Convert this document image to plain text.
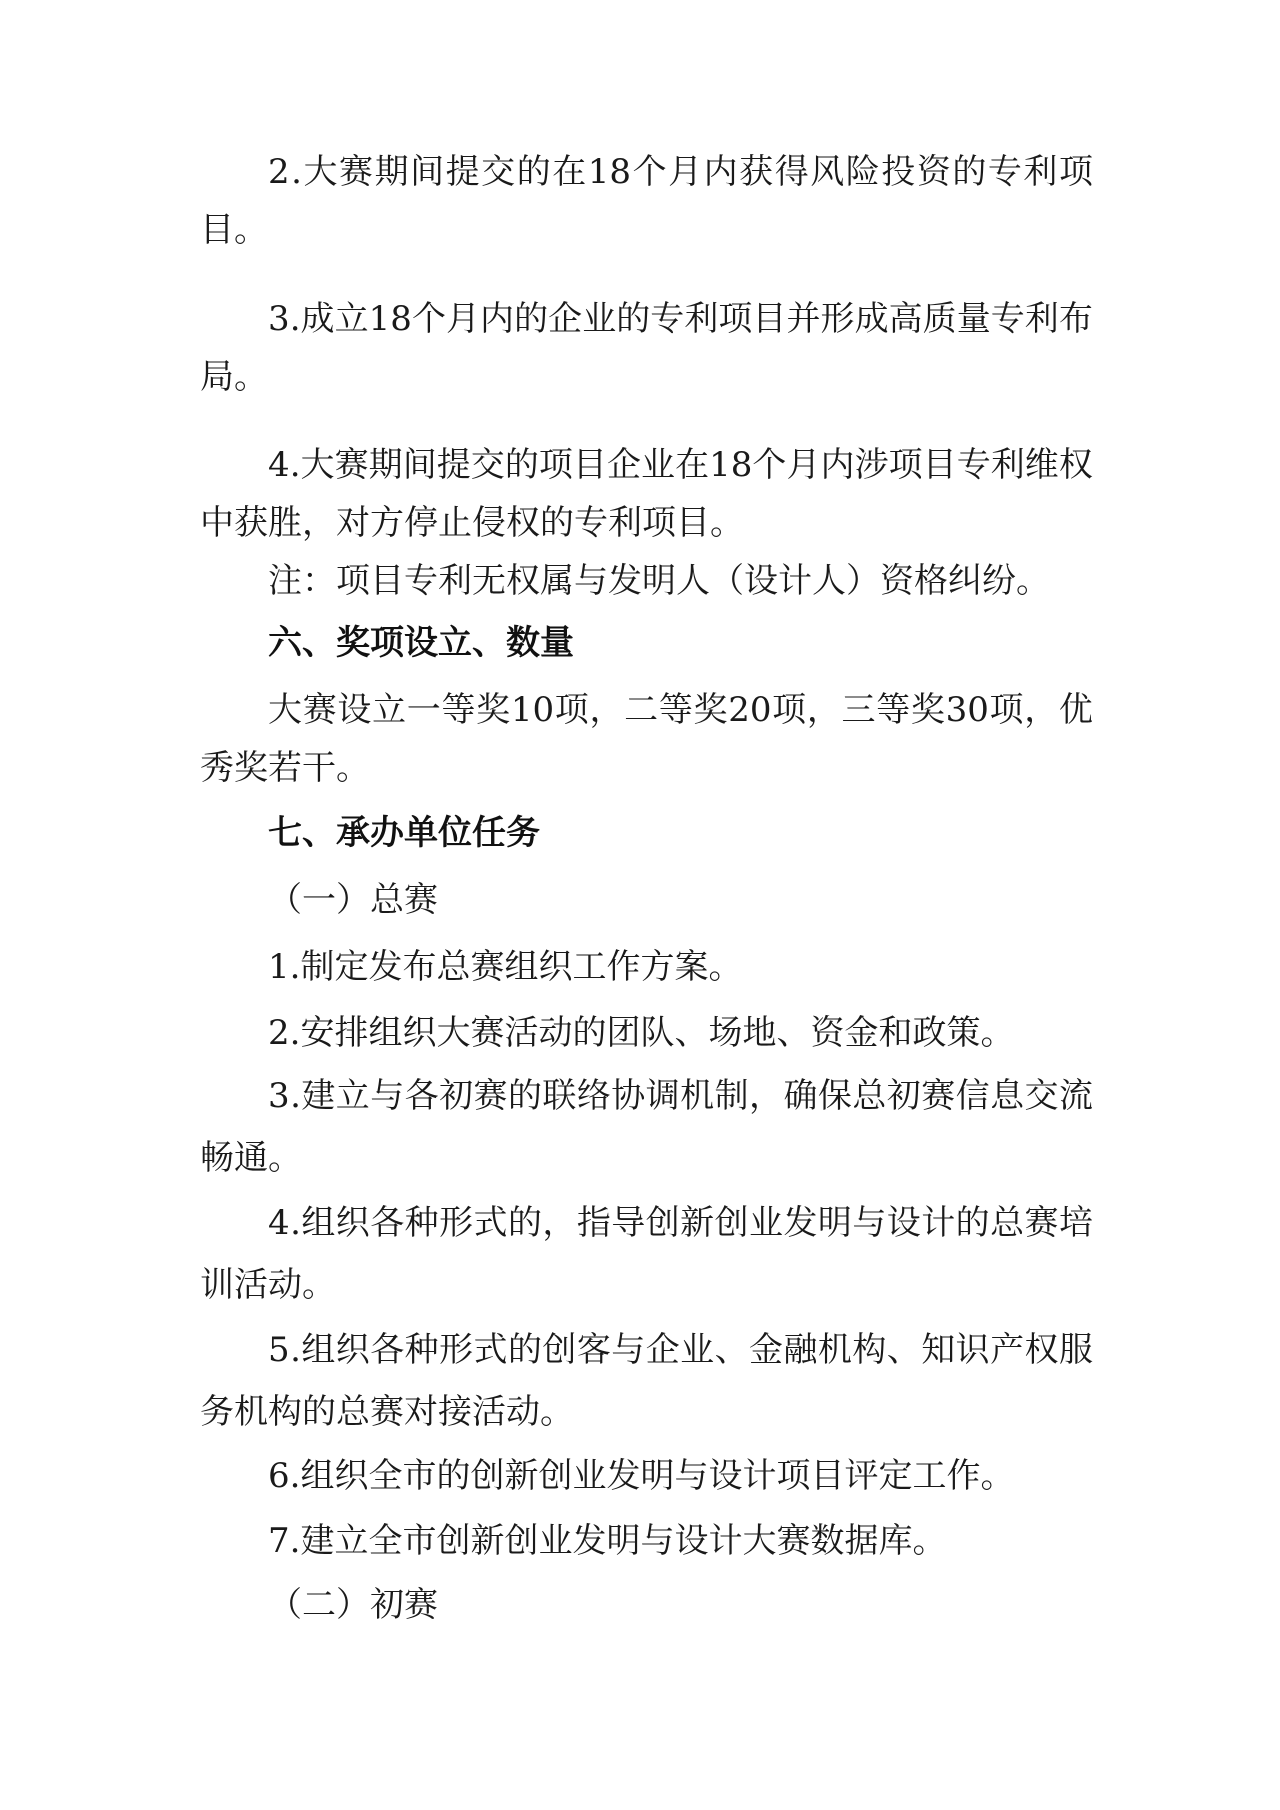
2 . 大 赛 期 间 提 交 的 在 18 个 月 内 获 得 风 险 投 资 的 专 利 项
目。
3 . 成 立 18 个 月 内 的 企 业 的 专 利 项 目 并 形 成 高 质 量 专 利 布
局。
4 . 大 赛 期 间 提 交 的 项 目 企 业 在 18 个 月 内 涉 项 目 专 利 维 权
中获胜，对方停止侵权的专利项目。
注：项目专利无权属与发明人（设计人）资格纠纷。
六、奖项设立、数量
大 赛 设 立 一 等 奖 10 项 ， 二 等 奖 20 项 ， 三 等 奖 30 项 ， 优
秀奖若干。
七、承办单位任务
（一）总赛
1.制定发布总赛组织工作方案。
2.安排组织大赛活动的团队、场地、资金和政策。
3 . 建 立 与 各 初 赛 的 联 络 协 调 机 制 ， 确 保 总 初 赛 信 息 交 流
畅通。
4 . 组 织 各 种 形 式 的 ， 指 导 创 新 创 业 发 明 与 设 计 的 总 赛 培
训活动。
5 . 组 织 各 种 形 式 的 创 客 与 企 业 、 金 融 机 构 、 知 识 产 权 服
务机构的总赛对接活动。
6.组织全市的创新创业发明与设计项目评定工作。
7.建立全市创新创业发明与设计大赛数据库。
（二）初赛
